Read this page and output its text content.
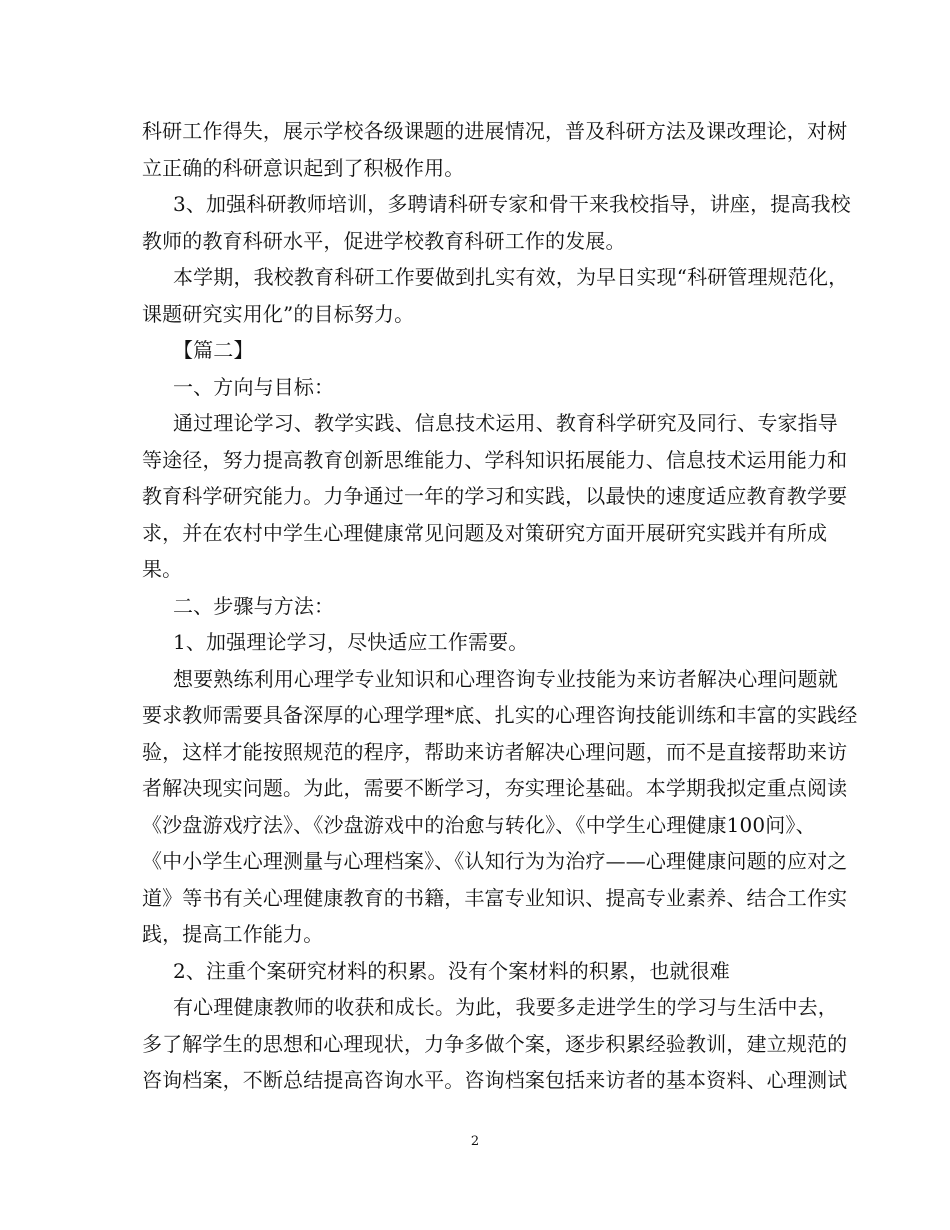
科研工作得失，展示学校各级课题的进展情况，普及科研方法及课改理论，对树
立正确的科研意识起到了积极作用。
3、加强科研教师培训，多聘请科研专家和骨干来我校指导，讲座，提高我校
教师的教育科研水平，促进学校教育科研工作的发展。
本学期，我校教育科研工作要做到扎实有效，为早日实现“科研管理规范化，
课题研究实用化”的目标努力。
【篇二】
一、方向与目标：
通过理论学习、教学实践、信息技术运用、教育科学研究及同行、专家指导
等途径，努力提高教育创新思维能力、学科知识拓展能力、信息技术运用能力和
教育科学研究能力。力争通过一年的学习和实践，以最快的速度适应教育教学要
求，并在农村中学生心理健康常见问题及对策研究方面开展研究实践并有所成
果。
二、步骤与方法：
1、加强理论学习，尽快适应工作需要。
想要熟练利用心理学专业知识和心理咨询专业技能为来访者解决心理问题就
要求教师需要具备深厚的心理学理*底、扎实的心理咨询技能训练和丰富的实践经
验，这样才能按照规范的程序，帮助来访者解决心理问题，而不是直接帮助来访
者解决现实问题。为此，需要不断学习，夯实理论基础。本学期我拟定重点阅读
《沙盘游戏疗法》、《沙盘游戏中的治愈与转化》、《中学生心理健康100问》、
《中小学生心理测量与心理档案》、《认知行为为治疗——心理健康问题的应对之
道》等书有关心理健康教育的书籍，丰富专业知识、提高专业素养、结合工作实
践，提高工作能力。
2、注重个案研究材料的积累。没有个案材料的积累，也就很难
有心理健康教师的收获和成长。为此，我要多走进学生的学习与生活中去，
多了解学生的思想和心理现状，力争多做个案，逐步积累经验教训，建立规范的
咨询档案，不断总结提高咨询水平。咨询档案包括来访者的基本资料、心理测试
2
